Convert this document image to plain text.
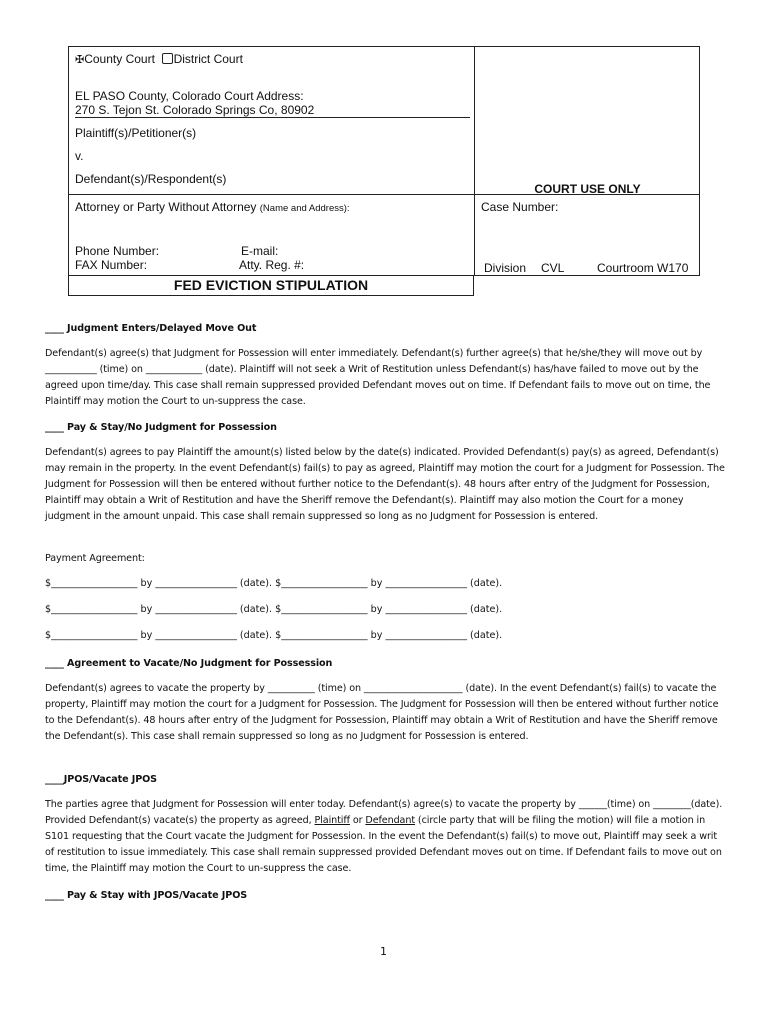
✠County Court District Court
EL PASO County, Colorado Court Address:
270 S. Tejon St. Colorado Springs Co, 80902
Plaintiff(s)/Petitioner(s)
v.
Defendant(s)/Respondent(s)
COURT USE ONLY
Attorney or Party Without Attorney (Name and Address):	Case Number:
Phone Number:	E-mail:
FAX Number:	Atty. Reg. #:	Division CVL	Courtroom W170
FED EVICTION STIPULATION
____ Judgment Enters/Delayed Move Out

Defendant(s) agree(s) that Judgment for Possession will enter immediately. Defendant(s) further agree(s) that he/she/they will move out by ___________ (time) on ____________ (date). Plaintiff will not seek a Writ of Restitution unless Defendant(s) has/have failed to move out by the agreed upon time/day. This case shall remain suppressed provided Defendant moves out on time. If Defendant fails to move out on time, the Plaintiff may motion the Court to un-suppress the case.

____ Pay & Stay/No Judgment for Possession

Defendant(s) agrees to pay Plaintiff the amount(s) listed below by the date(s) indicated. Provided Defendant(s) pay(s) as agreed, Defendant(s) may remain in the property. In the event Defendant(s) fail(s) to pay as agreed, Plaintiff may motion the court for a Judgment for Possession. The Judgment for Possession will then be entered without further notice to the Defendant(s). 48 hours after entry of the Judgment for Possession, Plaintiff may obtain a Writ of Restitution and have the Sheriff remove the Defendant(s). Plaintiff may also motion the Court for a money judgment in the amount unpaid. This case shall remain suppressed so long as no Judgment for Possession is entered.

Payment Agreement:
$__________________ by _________________ (date). $__________________ by _________________ (date).
$__________________ by _________________ (date). $__________________ by _________________ (date).
$__________________ by _________________ (date). $__________________ by _________________ (date).
____ Agreement to Vacate/No Judgment for Possession

Defendant(s) agrees to vacate the property by __________ (time) on _____________________ (date). In the event Defendant(s) fail(s) to vacate the property, Plaintiff may motion the court for a Judgment for Possession. The Judgment for Possession will then be entered without further notice to the Defendant(s). 48 hours after entry of the Judgment for Possession, Plaintiff may obtain a Writ of Restitution and have the Sheriff remove the Defendant(s). This case shall remain suppressed so long as no Judgment for Possession is entered.

____JPOS/Vacate JPOS

The parties agree that Judgment for Possession will enter today. Defendant(s) agree(s) to vacate the property by ______(time) on ________(date). Provided Defendant(s) vacate(s) the property as agreed, Plaintiff or Defendant (circle party that will be filing the motion) will file a motion in S101 requesting that the Court vacate the Judgment for Possession. In the event the Defendant(s) fail(s) to move out, Plaintiff may seek a writ of restitution to issue immediately. This case shall remain suppressed provided Defendant moves out on time. If Defendant fails to move out on time, the Plaintiff may motion the Court to un-suppress the case.

____ Pay & Stay with JPOS/Vacate JPOS
1
